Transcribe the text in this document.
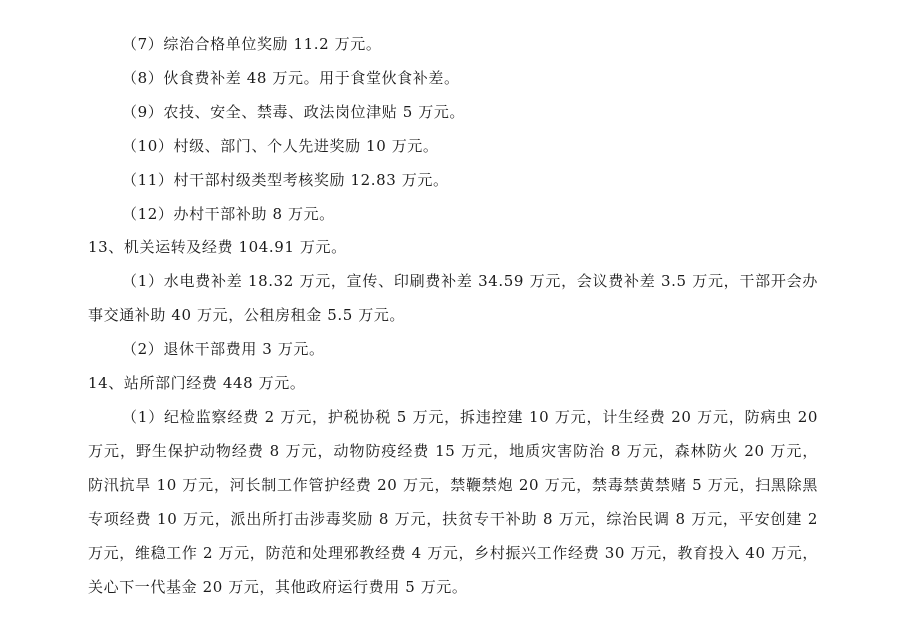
（7）综治合格单位奖励 11.2 万元。
（8）伙食费补差 48 万元。用于食堂伙食补差。
（9）农技、安全、禁毒、政法岗位津贴 5 万元。
（10）村级、部门、个人先进奖励 10 万元。
（11）村干部村级类型考核奖励 12.83 万元。
（12）办村干部补助 8 万元。
13、机关运转及经费 104.91 万元。
（1）水电费补差 18.32 万元，宣传、印刷费补差 34.59 万元，会议费补差 3.5 万元，干部开会办事交通补助 40 万元，公租房租金 5.5 万元。
（2）退休干部费用 3 万元。
14、站所部门经费 448 万元。
（1）纪检监察经费 2 万元，护税协税 5 万元，拆违控建 10 万元，计生经费 20 万元，防病虫 20 万元，野生保护动物经费 8 万元，动物防疫经费 15 万元，地质灾害防治 8 万元，森林防火 20 万元， 防汛抗旱 10 万元，河长制工作管护经费 20 万元，禁鞭禁炮 20 万元，禁毒禁黄禁赌 5 万元，扫黑除黑专项经费 10 万元，派出所打击涉毒奖励 8 万元，扶贫专干补助 8 万元，综治民调 8 万元，平安创建 2 万元，维稳工作 2 万元，防范和处理邪教经费 4 万元，乡村振兴工作经费 30 万元，教育投入 40 万元，关心下一代基金 20 万元，其他政府运行费用 5 万元。
